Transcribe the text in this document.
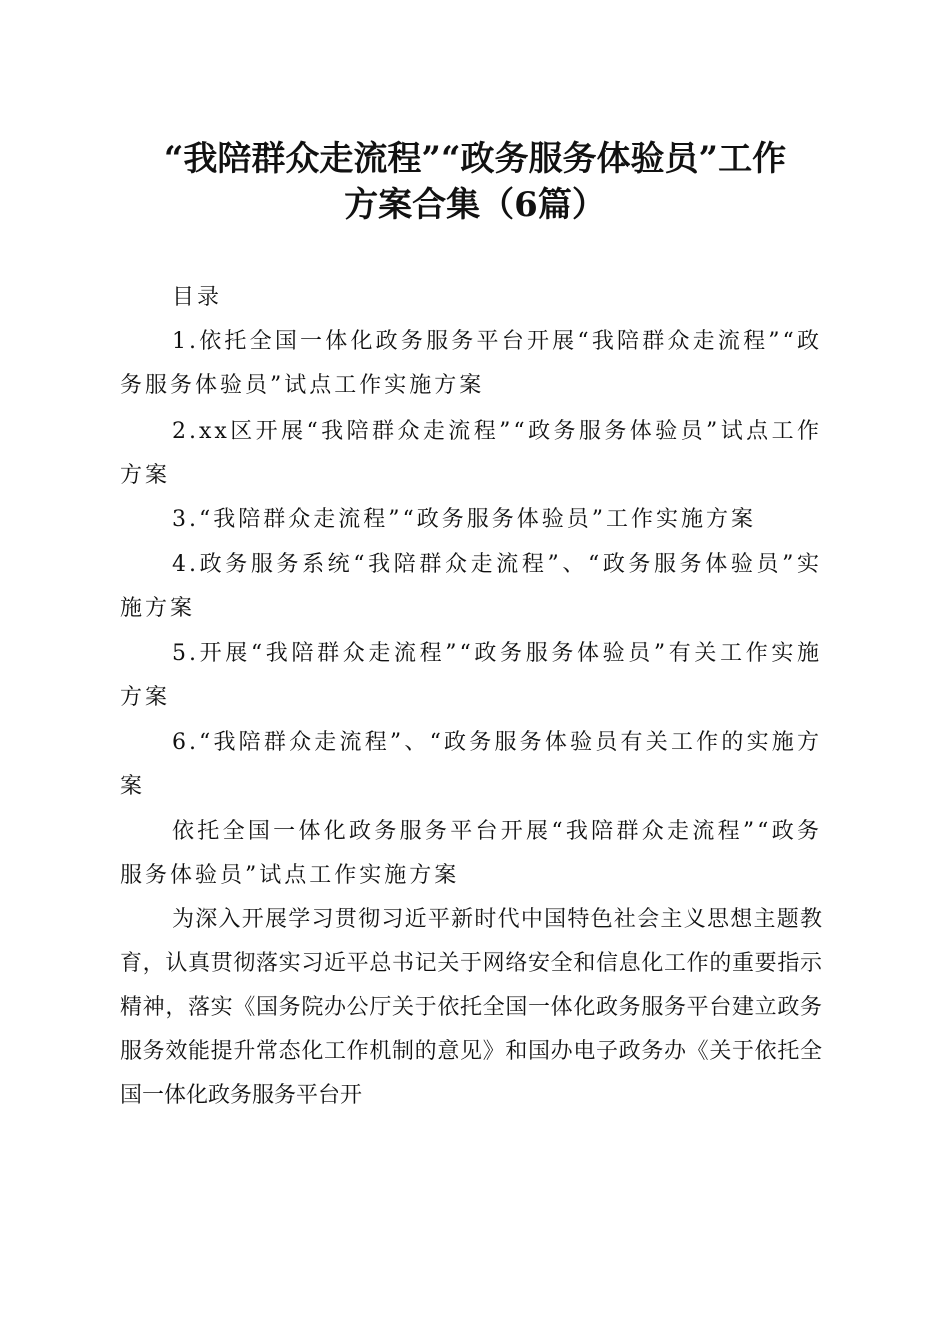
“我陪群众走流程”“政务服务体验员”工作
方案合集（6篇）

目录

1.依托全国一体化政务服务平台开展“我陪群众走流程”“政务服务体验员”试点工作实施方案

2.xx区开展“我陪群众走流程”“政务服务体验员”试点工作方案

3.“我陪群众走流程”“政务服务体验员”工作实施方案

4.政务服务系统“我陪群众走流程”、“政务服务体验员”实施方案

5.开展“我陪群众走流程”“政务服务体验员”有关工作实施方案

6.“我陪群众走流程”、“政务服务体验员有关工作的实施方案

依托全国一体化政务服务平台开展“我陪群众走流程”“政务服务体验员”试点工作实施方案

为深入开展学习贯彻习近平新时代中国特色社会主义思想主题教育，认真贯彻落实习近平总书记关于网络安全和信息化工作的重要指示精神，落实《国务院办公厅关于依托全国一体化政务服务平台建立政务服务效能提升常态化工作机制的意见》和国办电子政务办《关于依托全国一体化政务服务平台开
